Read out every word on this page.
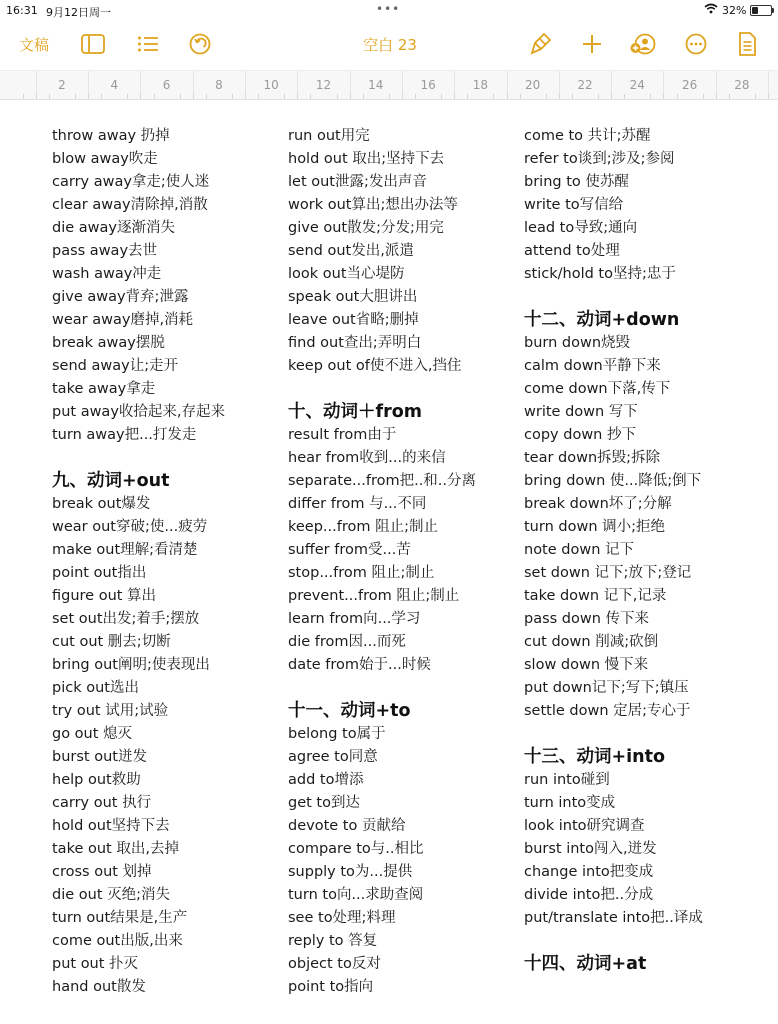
16:31 9月12日周一	•••	32%
文稿	空白 23
2	4	6	8	10	12	14	16	18	20	22	24	26	28
throw away 扔掉
blow away吹走
carry away拿走;使人迷
clear away清除掉,消散
die away逐渐消失
pass away去世
wash away冲走
give away背弃;泄露
wear away磨掉,消耗
break away摆脱
send away让;走开
take away拿走
put away收拾起来,存起来
turn away把...打发走
九、动词+out
break out爆发
wear out穿破;使...疲劳
make out理解;看清楚
point out指出
figure out 算出
set out出发;着手;摆放
cut out 删去;切断
bring out阐明;使表现出
pick out选出
try out 试用;试验
go out 熄灭
burst out迸发
help out救助
carry out 执行
hold out坚持下去
take out 取出,去掉
cross out 划掉
die out 灭绝;消失
turn out结果是,生产
come out出版,出来
put out 扑灭
hand out散发
run out用完
hold out 取出;坚持下去
let out泄露;发出声音
work out算出;想出办法等
give out散发;分发;用完
send out发出,派遣
look out当心堤防
speak out大胆讲出
leave out省略;删掉
find out查出;弄明白
keep out of使不进入,挡住
十、动词＋from
result from由于
hear from收到...的来信
separate...from把..和..分离
differ from 与...不同
keep...from 阻止;制止
suffer from受...苦
stop...from 阻止;制止
prevent...from 阻止;制止
learn from向...学习
die from因...而死
date from始于...时候
十一、动词+to
belong to属于
agree to同意
add to增添
get to到达
devote to 贡献给
compare to与..相比
supply to为...提供
turn to向...求助查阅
see to处理;料理
reply to 答复
object to反对
point to指向
come to 共计;苏醒
refer to谈到;涉及;参阅
bring to 使苏醒
write to写信给
lead to导致;通向
attend to处理
stick/hold to坚持;忠于
十二、动词+down
burn down烧毁
calm down平静下来
come down下落,传下
write down 写下
copy down 抄下
tear down拆毁;拆除
bring down 使...降低;倒下
break down坏了;分解
turn down 调小;拒绝
note down 记下
set down 记下;放下;登记
take down 记下,记录
pass down 传下来
cut down 削减;砍倒
slow down 慢下来
put down记下;写下;镇压
settle down 定居;专心于
十三、动词+into
run into碰到
turn into变成
look into研究调查
burst into闯入,迸发
change into把变成
divide into把..分成
put/translate into把..译成
十四、动词+at
